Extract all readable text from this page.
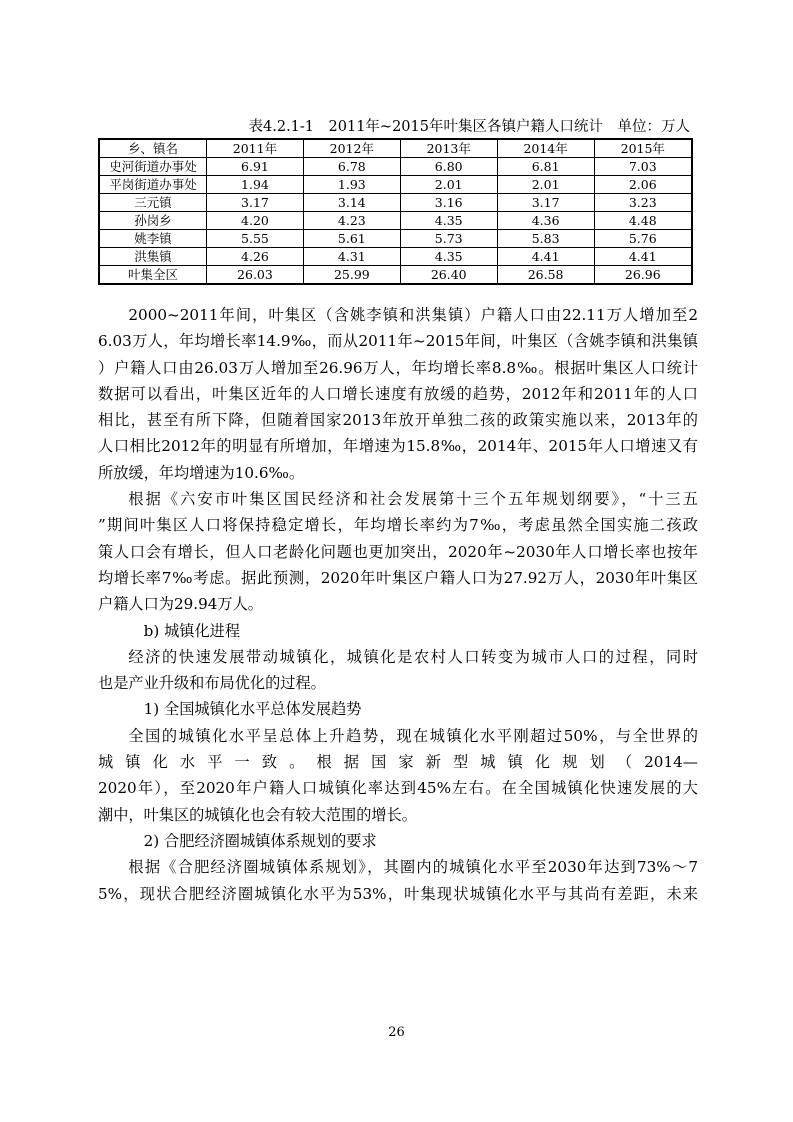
表4.2.1-1　2011年~2015年叶集区各镇户籍人口统计　单位：万人
乡、镇名	2011年	2012年	2013年	2014年	2015年
史河街道办事处	6.91	6.78	6.80	6.81	7.03
平岗街道办事处	1.94	1.93	2.01	2.01	2.06
三元镇	3.17	3.14	3.16	3.17	3.23
孙岗乡	4.20	4.23	4.35	4.36	4.48
姚李镇	5.55	5.61	5.73	5.83	5.76
洪集镇	4.26	4.31	4.35	4.41	4.41
叶集全区	26.03	25.99	26.40	26.58	26.96

2000~2011年间，叶集区（含姚李镇和洪集镇）户籍人口由22.11万人增加至2

6.03万人，年均增长率14.9‰，而从2011年~2015年间，叶集区（含姚李镇和洪集镇

）户籍人口由26.03万人增加至26.96万人，年均增长率8.8‰。根据叶集区人口统计

数据可以看出，叶集区近年的人口增长速度有放缓的趋势，2012年和2011年的人口

相比，甚至有所下降，但随着国家2013年放开单独二孩的政策实施以来，2013年的

人口相比2012年的明显有所增加，年增速为15.8‰，2014年、2015年人口增速又有

所放缓，年均增速为10.6‰。

根据《六安市叶集区国民经济和社会发展第十三个五年规划纲要》，“十三五

”期间叶集区人口将保持稳定增长，年均增长率约为7‰，考虑虽然全国实施二孩政

策人口会有增长，但人口老龄化问题也更加突出，2020年~2030年人口增长率也按年

均增长率7‰考虑。据此预测，2020年叶集区户籍人口为27.92万人，2030年叶集区

户籍人口为29.94万人。

b) 城镇化进程

经济的快速发展带动城镇化，城镇化是农村人口转变为城市人口的过程，同时

也是产业升级和布局优化的过程。

1) 全国城镇化水平总体发展趋势

全国的城镇化水平呈总体上升趋势，现在城镇化水平刚超过50%，与全世界的

城 镇 化 水 平 一 致 。 根 据 国 家 新 型 城 镇 化 规 划 （ 2014—

2020年），至2020年户籍人口城镇化率达到45%左右。在全国城镇化快速发展的大

潮中，叶集区的城镇化也会有较大范围的增长。

2) 合肥经济圈城镇体系规划的要求

根据《合肥经济圈城镇体系规划》，其圈内的城镇化水平至2030年达到73%～7

5%，现状合肥经济圈城镇化水平为53%，叶集现状城镇化水平与其尚有差距，未来

26
